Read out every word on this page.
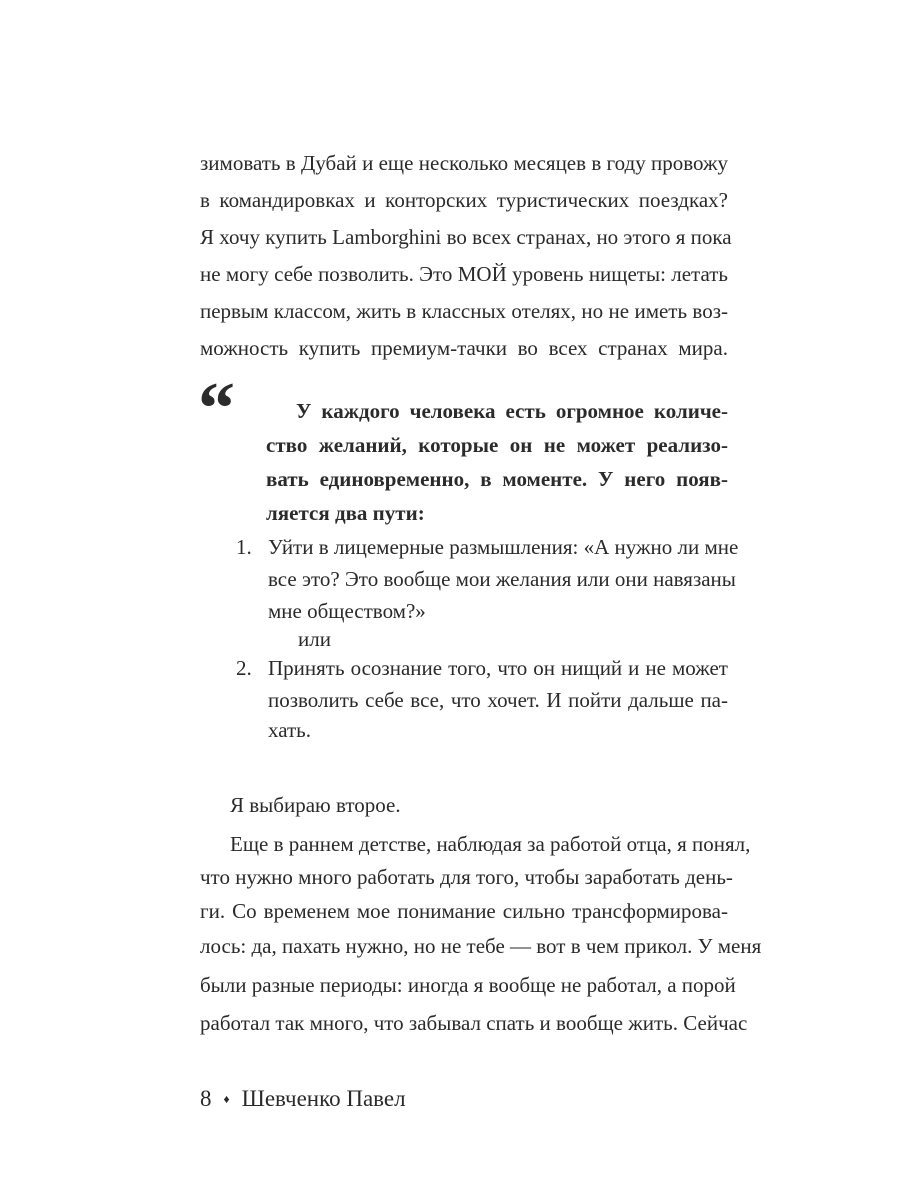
зимовать в Дубай и еще несколько месяцев в году провожу
в командировках и конторских туристических поездках?
Я хочу купить Lamborghini во всех странах, но этого я пока
не могу себе позволить. Это МОЙ уровень нищеты: летать
первым классом, жить в классных отелях, но не иметь воз-
можность купить премиум-тачки во всех странах мира.
“	У каждого человека есть огромное количе-
ство желаний, которые он не может реализо-
вать единовременно, в моменте. У него появ-
ляется два пути:
1. Уйти в лицемерные размышления: «А нужно ли мне
все это? Это вообще мои желания или они навязаны
мне обществом?»
или
2. Принять осознание того, что он нищий и не может
позволить себе все, что хочет. И пойти дальше па-
хать.
Я выбираю второе.
Еще в раннем детстве, наблюдая за работой отца, я понял,
что нужно много работать для того, чтобы заработать день-
ги. Со временем мое понимание сильно трансформирова-
лось: да, пахать нужно, но не тебе — вот в чем прикол. У меня
были разные периоды: иногда я вообще не работал, а порой
работал так много, что забывал спать и вообще жить. Сейчас
8 ♦ Шевченко Павел
